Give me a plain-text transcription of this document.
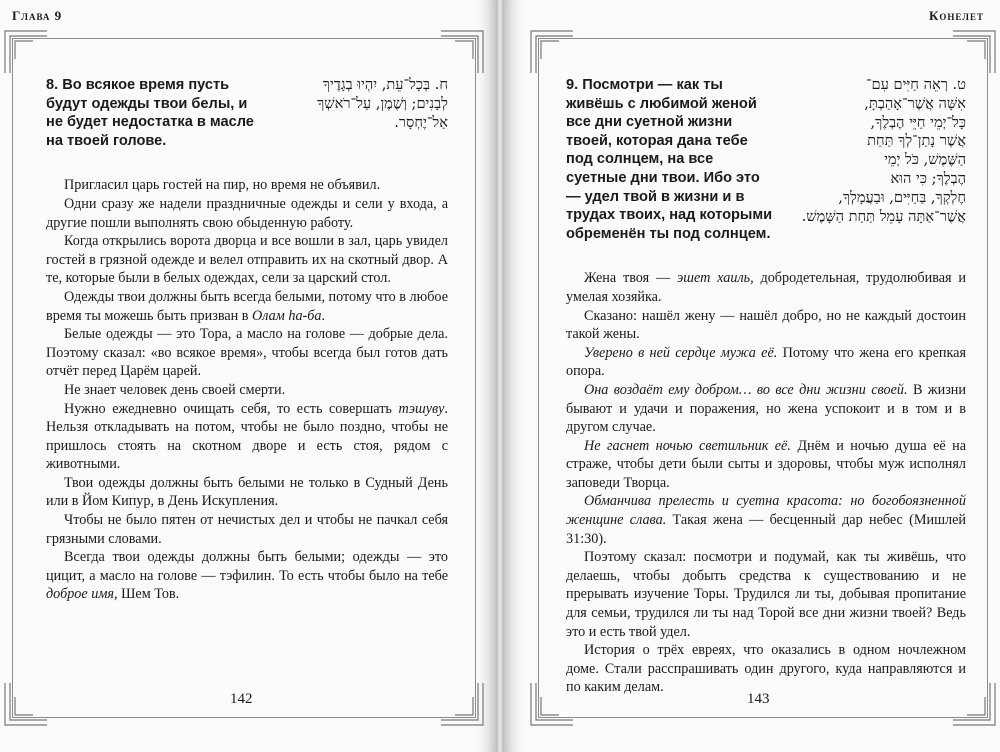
Глава 9
8. Во всякое время пусть будут одежды твои белы, и не будет недостатка в масле на твоей голове.
ח. בְּכָל־עֵת, יִהְיוּ בְגָדֶיךָ
לְבָנִים; וְשֶׁמֶן, עַל־רֹאשְׁךָ
אַל־יֶחְסָר.

Пригласил царь гостей на пир, но время не объявил.

Одни сразу же надели праздничные одежды и сели у входа, а другие пошли выполнять свою обыденную работу.

Когда открылись ворота дворца и все вошли в зал, царь увидел гостей в грязной одежде и велел отправить их на скотный двор. А те, которые были в белых одеждах, сели за царский стол.

Одежды твои должны быть всегда белыми, потому что в любое время ты можешь быть призван в Олам ha-ба.

Белые одежды — это Тора, а масло на голове — добрые дела. Поэтому сказал: «во всякое время», чтобы всегда был готов дать отчёт перед Царём царей.

Не знает человек день своей смерти.

Нужно ежедневно очищать себя, то есть совершать тэшуву. Нельзя откладывать на потом, чтобы не было поздно, чтобы не пришлось стоять на скотном дворе и есть стоя, рядом с животными.

Твои одежды должны быть белыми не только в Судный День или в Йом Кипур, в День Искупления.

Чтобы не было пятен от нечистых дел и чтобы не пачкал себя грязными словами.

Всегда твои одежды должны быть белыми; одежды — это цицит, а масло на голове — тэфилин. То есть чтобы было на тебе доброе имя, Шем Тов.

142
Коhелет
9. Посмотри — как ты живёшь с любимой женой все дни суетной жизни твоей, которая дана тебе под солнцем, на все суетные дни твои. Ибо это — удел твой в жизни и в трудах твоих, над которыми обременён ты под солнцем.
ט. רְאֵה חַיִּים עִם־
אִשָּׁה אֲשֶׁר־אָהַבְתָּ,
כָּל־יְמֵי חַיֵּי הֶבְלֶךָ,
אֲשֶׁר נָתַן־לְךָ תַּחַת
הַשֶּׁמֶשׁ, כֹּל יְמֵי
הֶבְלֶךָ; כִּי הוּא
חֶלְקְךָ, בַּחַיִּים, וּבַעֲמָלְךָ,
אֲשֶׁר־אַתָּה עָמֵל תַּחַת הַשָּׁמֶשׁ.

Жена твоя — эшет хаиль, добродетельная, трудолюбивая и умелая хозяйка.

Сказано: нашёл жену — нашёл добро, но не каждый достоин такой жены.

Уверено в ней сердце мужа её. Потому что жена его крепкая опора.

Она воздаёт ему добром… во все дни жизни своей. В жизни бывают и удачи и поражения, но жена успокоит и в том и в другом случае.

Не гаснет ночью светильник её. Днём и ночью душа её на страже, чтобы дети были сыты и здоровы, чтобы муж исполнял заповеди Творца.

Обманчива прелесть и суетна красота: но богобоязненной женщине слава. Такая жена — бесценный дар небес (Мишлей 31:30).

Поэтому сказал: посмотри и подумай, как ты живёшь, что делаешь, чтобы добыть средства к существованию и не прерывать изучение Торы. Трудился ли ты, добывая пропитание для семьи, трудился ли ты над Торой все дни жизни твоей? Ведь это и есть твой удел.

История о трёх евреях, что оказались в одном ночлежном доме. Стали расспрашивать один другого, куда направляются и по каким делам.

143
